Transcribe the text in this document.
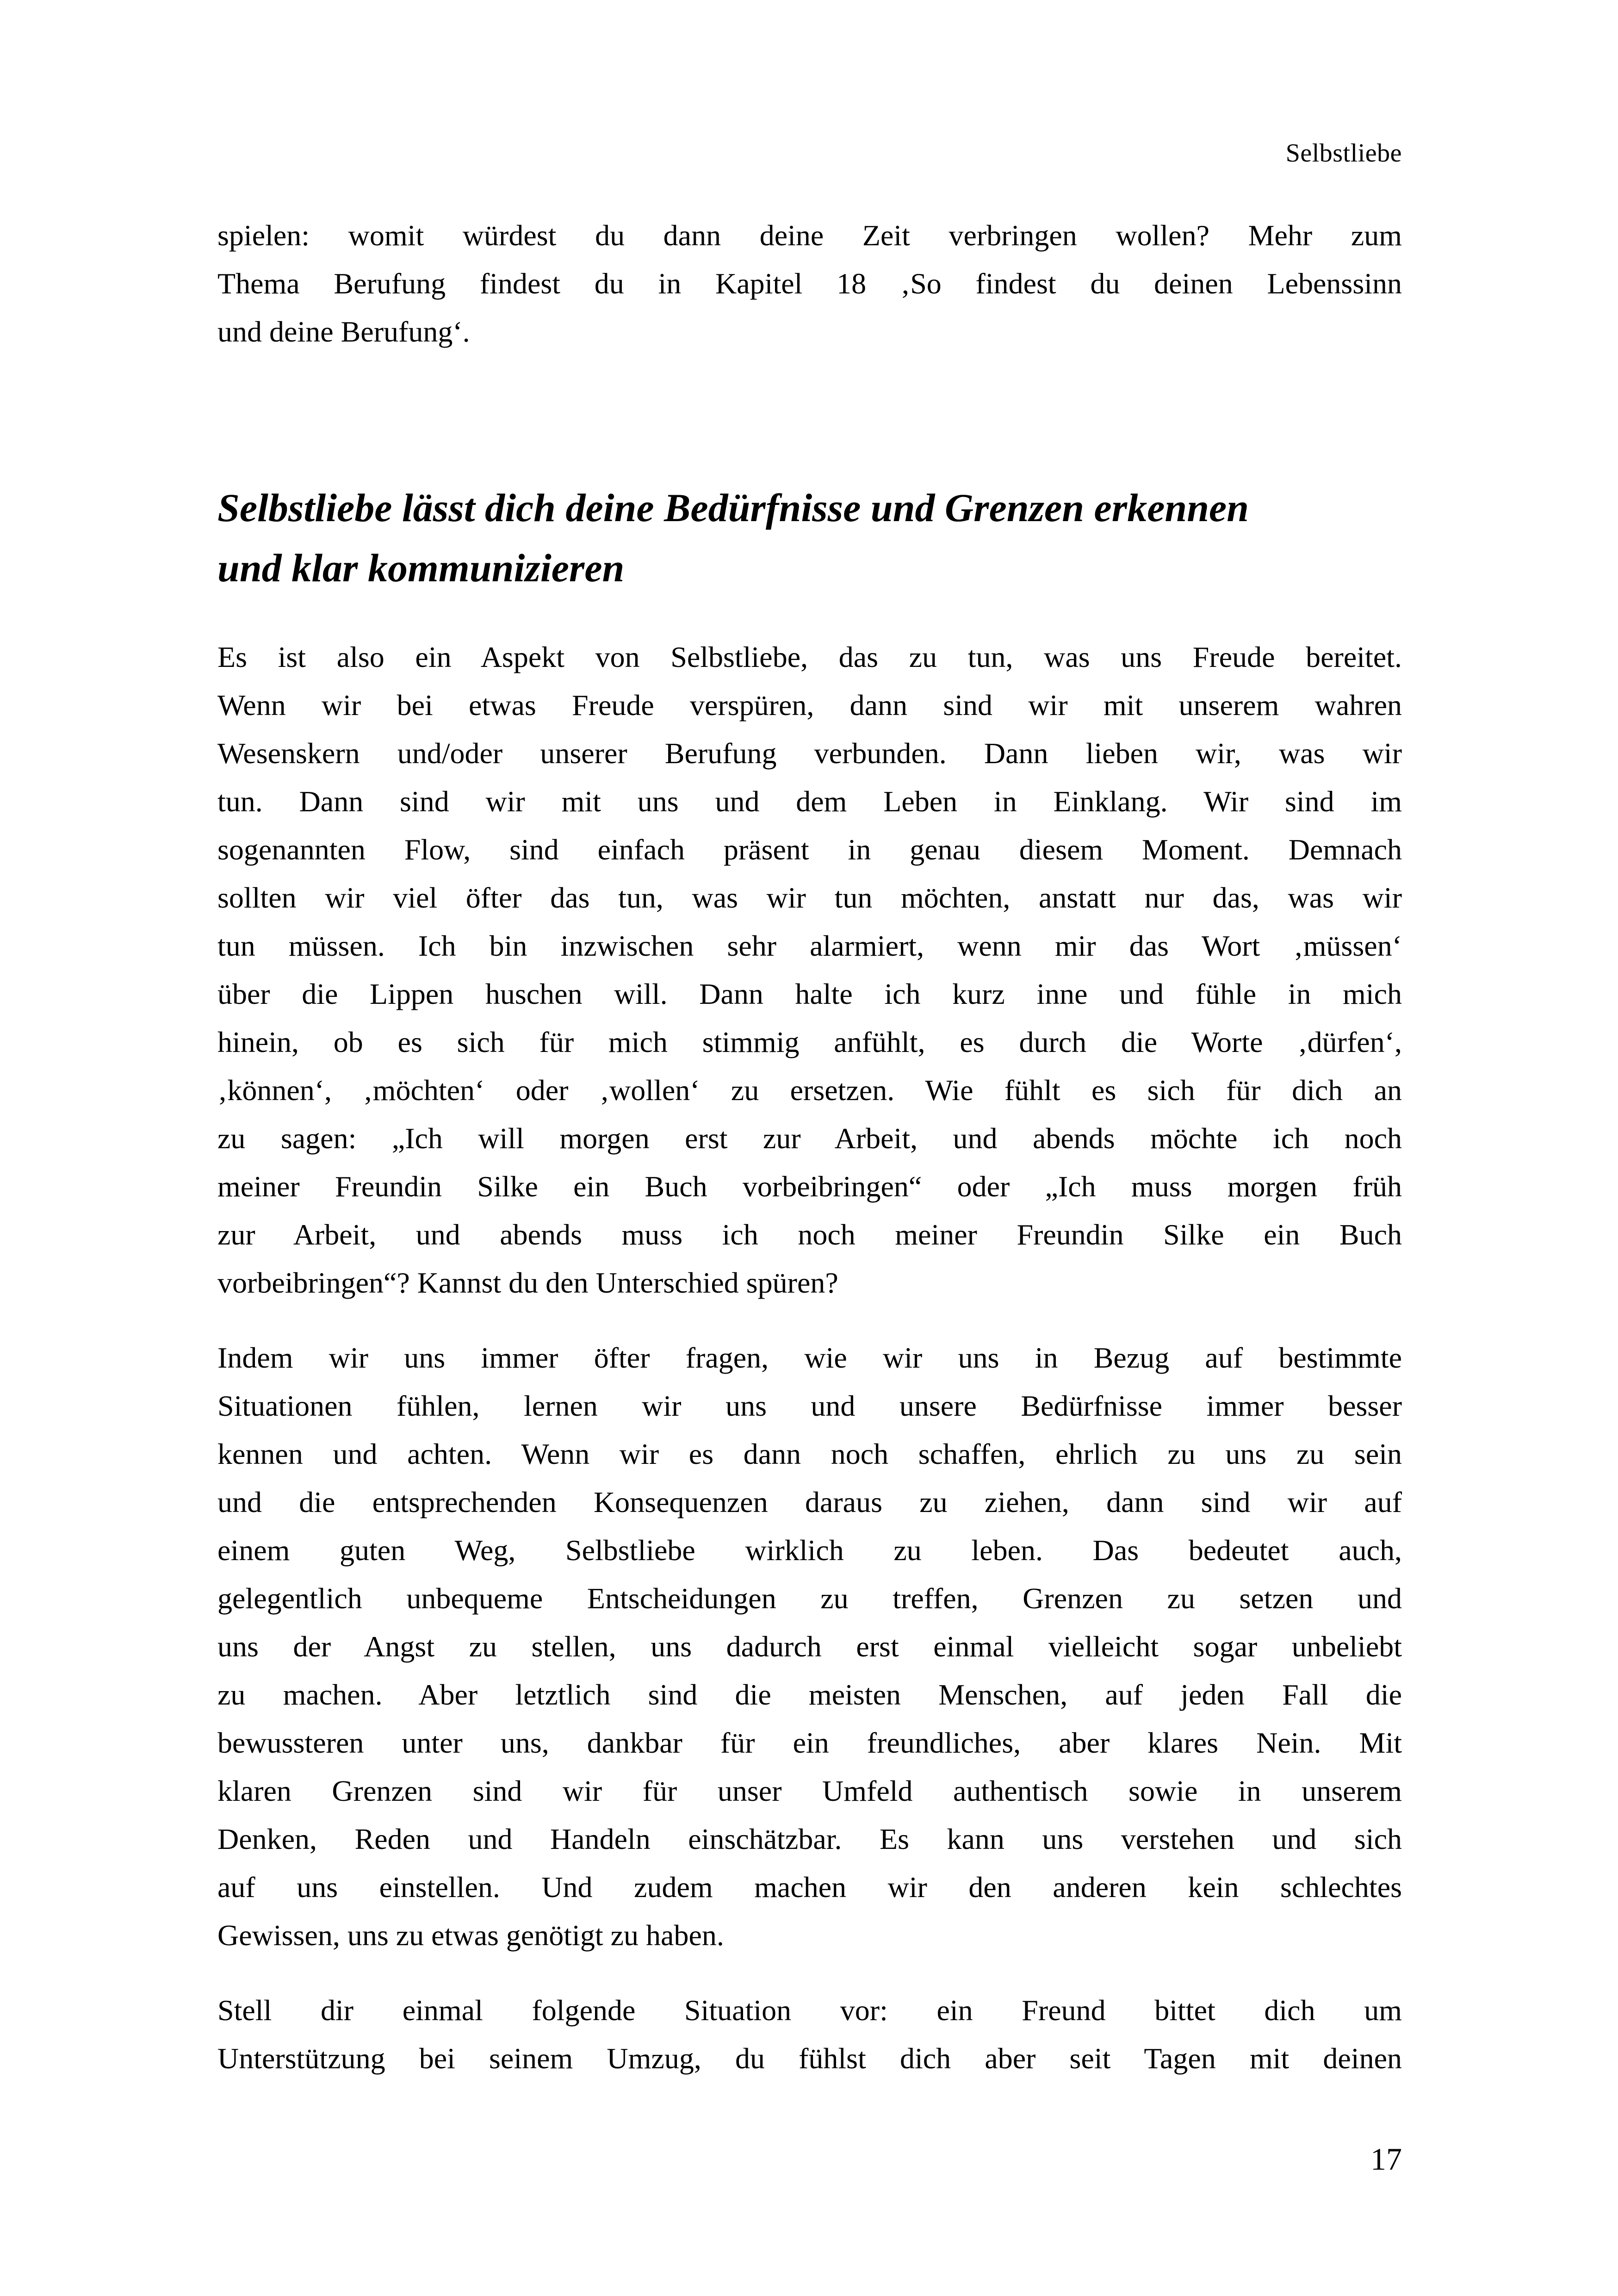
Selbstliebe
spielen: womit würdest du dann deine Zeit verbringen wollen? Mehr zum
Thema Berufung findest du in Kapitel 18 ‚So findest du deinen Lebenssinn
und deine Berufung‘.
Selbstliebe lässt dich deine Bedürfnisse und Grenzen erkennen
und klar kommunizieren
Es ist also ein Aspekt von Selbstliebe, das zu tun, was uns Freude bereitet.
Wenn wir bei etwas Freude verspüren, dann sind wir mit unserem wahren
Wesenskern und/oder unserer Berufung verbunden. Dann lieben wir, was wir
tun. Dann sind wir mit uns und dem Leben in Einklang. Wir sind im
sogenannten Flow, sind einfach präsent in genau diesem Moment. Demnach
sollten wir viel öfter das tun, was wir tun möchten, anstatt nur das, was wir
tun müssen. Ich bin inzwischen sehr alarmiert, wenn mir das Wort ‚müssen‘
über die Lippen huschen will. Dann halte ich kurz inne und fühle in mich
hinein, ob es sich für mich stimmig anfühlt, es durch die Worte ‚dürfen‘,
‚können‘, ‚möchten‘ oder ‚wollen‘ zu ersetzen. Wie fühlt es sich für dich an
zu sagen: „Ich will morgen erst zur Arbeit, und abends möchte ich noch
meiner Freundin Silke ein Buch vorbeibringen“ oder „Ich muss morgen früh
zur Arbeit, und abends muss ich noch meiner Freundin Silke ein Buch
vorbeibringen“? Kannst du den Unterschied spüren?
Indem wir uns immer öfter fragen, wie wir uns in Bezug auf bestimmte
Situationen fühlen, lernen wir uns und unsere Bedürfnisse immer besser
kennen und achten. Wenn wir es dann noch schaffen, ehrlich zu uns zu sein
und die entsprechenden Konsequenzen daraus zu ziehen, dann sind wir auf
einem guten Weg, Selbstliebe wirklich zu leben. Das bedeutet auch,
gelegentlich unbequeme Entscheidungen zu treffen, Grenzen zu setzen und
uns der Angst zu stellen, uns dadurch erst einmal vielleicht sogar unbeliebt
zu machen. Aber letztlich sind die meisten Menschen, auf jeden Fall die
bewussteren unter uns, dankbar für ein freundliches, aber klares Nein. Mit
klaren Grenzen sind wir für unser Umfeld authentisch sowie in unserem
Denken, Reden und Handeln einschätzbar. Es kann uns verstehen und sich
auf uns einstellen. Und zudem machen wir den anderen kein schlechtes
Gewissen, uns zu etwas genötigt zu haben.
Stell dir einmal folgende Situation vor: ein Freund bittet dich um
Unterstützung bei seinem Umzug, du fühlst dich aber seit Tagen mit deinen
17
